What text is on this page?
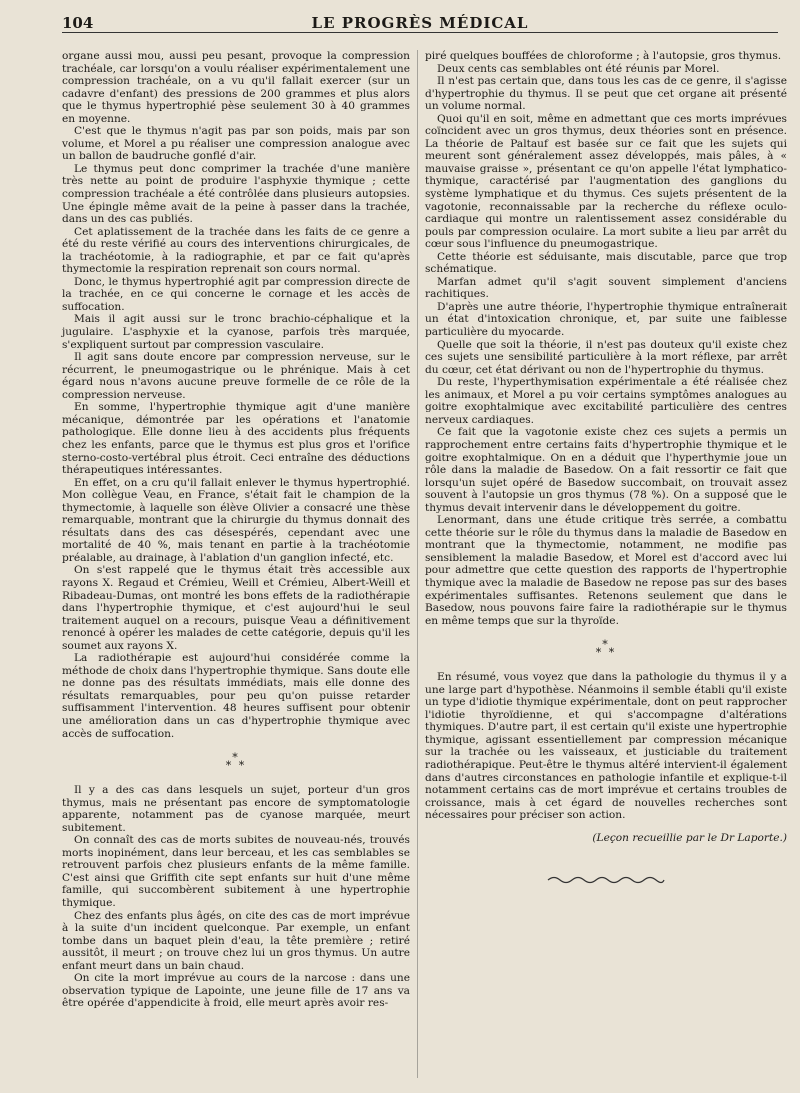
104	LE PROGRÈS MÉDICAL

organe aussi mou, aussi peu pesant, provoque la compression trachéale, car lorsqu'on a voulu réaliser expérimentalement une compression trachéale, on a vu qu'il fallait exercer (sur un cadavre d'enfant) des pressions de 200 grammes et plus alors que le thymus hypertrophié pèse seulement 30 à 40 grammes en moyenne.

C'est que le thymus n'agit pas par son poids, mais par son volume, et Morel a pu réaliser une compression analogue avec un ballon de baudruche gonflé d'air.

Le thymus peut donc comprimer la trachée d'une manière très nette au point de produire l'asphyxie thymique ; cette compression trachéale a été contrôlée dans plusieurs autopsies. Une épingle même avait de la peine à passer dans la trachée, dans un des cas publiés.

Cet aplatissement de la trachée dans les faits de ce genre a été du reste vérifié au cours des interventions chirurgicales, de la trachéotomie, à la radiographie, et par ce fait qu'après thymectomie la respiration reprenait son cours normal.

Donc, le thymus hypertrophié agit par compression directe de la trachée, en ce qui concerne le cornage et les accès de suffocation.

Mais il agit aussi sur le tronc brachio-céphalique et la jugulaire. L'asphyxie et la cyanose, parfois très marquée, s'expliquent surtout par compression vasculaire.

Il agit sans doute encore par compression nerveuse, sur le récurrent, le pneumogastrique ou le phrénique. Mais à cet égard nous n'avons aucune preuve formelle de ce rôle de la compression nerveuse.

En somme, l'hypertrophie thymique agit d'une manière mécanique, démontrée par les opérations et l'anatomie pathologique. Elle donne lieu à des accidents plus fréquents chez les enfants, parce que le thymus est plus gros et l'orifice sterno-costo-vertébral plus étroit. Ceci entraîne des déductions thérapeutiques intéressantes.

En effet, on a cru qu'il fallait enlever le thymus hypertrophié. Mon collègue Veau, en France, s'était fait le champion de la thymectomie, à laquelle son élève Olivier a consacré une thèse remarquable, montrant que la chirurgie du thymus donnait des résultats dans des cas désespérés, cependant avec une mortalité de 40 %, mais tenant en partie à la trachéotomie préalable, au drainage, à l'ablation d'un ganglion infecté, etc.

On s'est rappelé que le thymus était très accessible aux rayons X. Regaud et Crémieu, Weill et Crémieu, Albert-Weill et Ribadeau-Dumas, ont montré les bons effets de la radiothérapie dans l'hypertrophie thymique, et c'est aujourd'hui le seul traitement auquel on a recours, puisque Veau a définitivement renoncé à opérer les malades de cette catégorie, depuis qu'il les soumet aux rayons X.

La radiothérapie est aujourd'hui considérée comme la méthode de choix dans l'hypertrophie thymique. Sans doute elle ne donne pas des résultats immédiats, mais elle donne des résultats remarquables, pour peu qu'on puisse retarder suffisamment l'intervention. 48 heures suffisent pour obtenir une amélioration dans un cas d'hypertrophie thymique avec accès de suffocation.

*
* *

Il y a des cas dans lesquels un sujet, porteur d'un gros thymus, mais ne présentant pas encore de symptomatologie apparente, notamment pas de cyanose marquée, meurt subitement.

On connaît des cas de morts subites de nouveau-nés, trouvés morts inopinément, dans leur berceau, et les cas semblables se retrouvent parfois chez plusieurs enfants de la même famille. C'est ainsi que Griffith cite sept enfants sur huit d'une même famille, qui succombèrent subitement à une hypertrophie thymique.

Chez des enfants plus âgés, on cite des cas de mort imprévue à la suite d'un incident quelconque. Par exemple, un enfant tombe dans un baquet plein d'eau, la tête première ; retiré aussitôt, il meurt ; on trouve chez lui un gros thymus. Un autre enfant meurt dans un bain chaud.

On cite la mort imprévue au cours de la narcose : dans une observation typique de Lapointe, une jeune fille de 17 ans va être opérée d'appendicite à froid, elle meurt après avoir res-

piré quelques bouffées de chloroforme ; à l'autopsie, gros thymus.

Deux cents cas semblables ont été réunis par Morel.

Il n'est pas certain que, dans tous les cas de ce genre, il s'agisse d'hypertrophie du thymus. Il se peut que cet organe ait présenté un volume normal.

Quoi qu'il en soit, même en admettant que ces morts imprévues coïncident avec un gros thymus, deux théories sont en présence. La théorie de Paltauf est basée sur ce fait que les sujets qui meurent sont généralement assez développés, mais pâles, à « mauvaise graisse », présentant ce qu'on appelle l'état lymphatico-thymique, caractérisé par l'augmentation des ganglions du système lymphatique et du thymus. Ces sujets présentent de la vagotonie, reconnaissable par la recherche du réflexe oculo-cardiaque qui montre un ralentissement assez considérable du pouls par compression oculaire. La mort subite a lieu par arrêt du cœur sous l'influence du pneumogastrique.

Cette théorie est séduisante, mais discutable, parce que trop schématique.

Marfan admet qu'il s'agit souvent simplement d'anciens rachitiques.

D'après une autre théorie, l'hypertrophie thymique entraînerait un état d'intoxication chronique, et, par suite une faiblesse particulière du myocarde.

Quelle que soit la théorie, il n'est pas douteux qu'il existe chez ces sujets une sensibilité particulière à la mort réflexe, par arrêt du cœur, cet état dérivant ou non de l'hypertrophie du thymus.

Du reste, l'hyperthymisation expérimentale a été réalisée chez les animaux, et Morel a pu voir certains symptômes analogues au goitre exophtalmique avec excitabilité particulière des centres nerveux cardiaques.

Ce fait que la vagotonie existe chez ces sujets a permis un rapprochement entre certains faits d'hypertrophie thymique et le goitre exophtalmique. On en a déduit que l'hyperthymie joue un rôle dans la maladie de Basedow. On a fait ressortir ce fait que lorsqu'un sujet opéré de Basedow succombait, on trouvait assez souvent à l'autopsie un gros thymus (78 %). On a supposé que le thymus devait intervenir dans le développement du goitre.

Lenormant, dans une étude critique très serrée, a combattu cette théorie sur le rôle du thymus dans la maladie de Basedow en montrant que la thymectomie, notamment, ne modifie pas sensiblement la maladie Basedow, et Morel est d'accord avec lui pour admettre que cette question des rapports de l'hypertrophie thymique avec la maladie de Basedow ne repose pas sur des bases expérimentales suffisantes. Retenons seulement que dans le Basedow, nous pouvons faire faire la radiothérapie sur le thymus en même temps que sur la thyroïde.

*
* *

En résumé, vous voyez que dans la pathologie du thymus il y a une large part d'hypothèse. Néanmoins il semble établi qu'il existe un type d'idiotie thymique expérimentale, dont on peut rapprocher l'idiotie thyroïdienne, et qui s'accompagne d'altérations thymiques. D'autre part, il est certain qu'il existe une hypertrophie thymique, agissant essentiellement par compression mécanique sur la trachée ou les vaisseaux, et justiciable du traitement radiothérapique. Peut-être le thymus altéré intervient-il également dans d'autres circonstances en pathologie infantile et explique-t-il notamment certains cas de mort imprévue et certains troubles de croissance, mais à cet égard de nouvelles recherches sont nécessaires pour préciser son action.

(Leçon recueillie par le Dr Laporte.)
